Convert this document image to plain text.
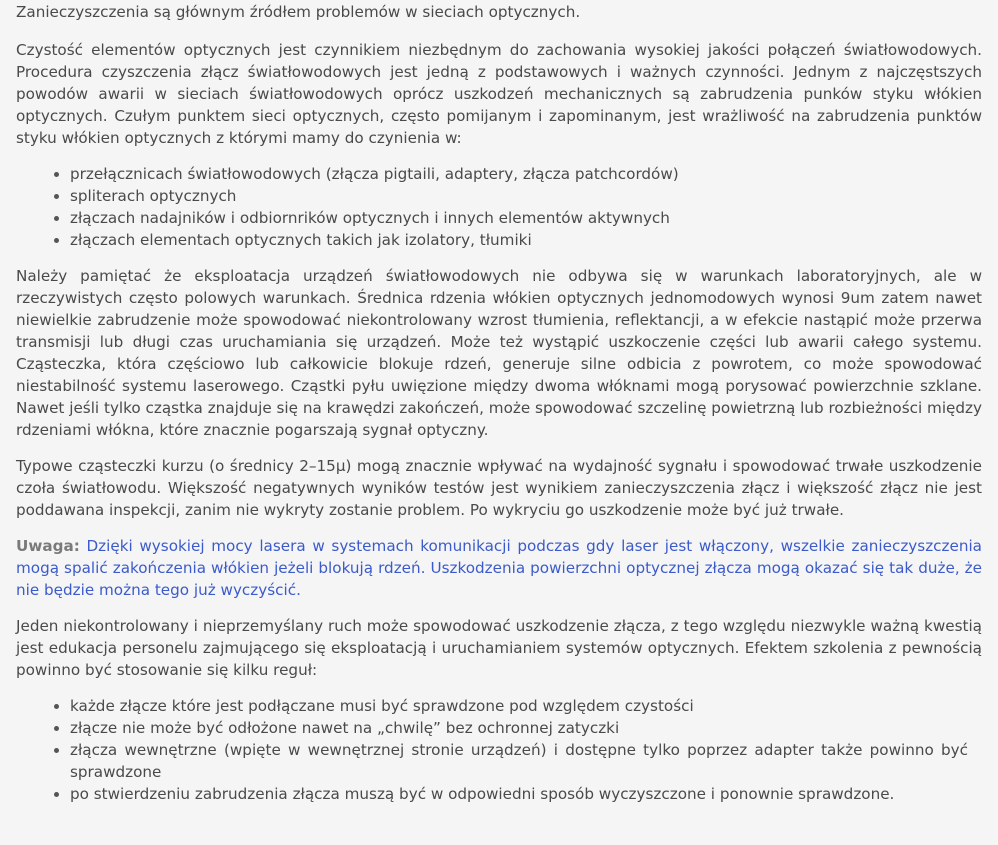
Zanieczyszczenia są głównym źródłem problemów w sieciach optycznych.

Czystość elementów optycznych jest czynnikiem niezbędnym do zachowania wysokiej jakości połączeń światłowodowych. Procedura czyszczenia złącz światłowodowych jest jedną z podstawowych i ważnych czynności. Jednym z najczęstszych powodów awarii w sieciach światłowodowych oprócz uszkodzeń mechanicznych są zabrudzenia punków styku włókien optycznych. Czułym punktem sieci optycznych, często pomijanym i zapominanym, jest wrażliwość na zabrudzenia punktów styku włókien optycznych z którymi mamy do czynienia w:

• przełącznicach światłowodowych (złącza pigtaili, adaptery, złącza patchcordów)
• spliterach optycznych
• złączach nadajników i odbiornrików optycznych i innych elementów aktywnych
• złączach elementach optycznych takich jak izolatory, tłumiki

Należy pamiętać że eksploatacja urządzeń światłowodowych nie odbywa się w warunkach laboratoryjnych, ale w rzeczywistych często polowych warunkach. Średnica rdzenia włókien optycznych jednomodowych wynosi 9um zatem nawet niewielkie zabrudzenie może spowodować niekontrolowany wzrost tłumienia, reflektancji, a w efekcie nastąpić może przerwa transmisji lub długi czas uruchamiania się urządzeń. Może też wystąpić uszkoczenie części lub awarii całego systemu. Cząsteczka, która częściowo lub całkowicie blokuje rdzeń, generuje silne odbicia z powrotem, co może spowodować niestabilność systemu laserowego. Cząstki pyłu uwięzione między dwoma włóknami mogą porysować powierzchnie szklane. Nawet jeśli tylko cząstka znajduje się na krawędzi zakończeń, może spowodować szczelinę powietrzną lub rozbieżności między rdzeniami włókna, które znacznie pogarszają sygnał optyczny.

Typowe cząsteczki kurzu (o średnicy 2–15µ) mogą znacznie wpływać na wydajność sygnału i spowodować trwałe uszkodzenie czoła światłowodu. Większość negatywnych wyników testów jest wynikiem zanieczyszczenia złącz i większość złącz nie jest poddawana inspekcji, zanim nie wykryty zostanie problem. Po wykryciu go uszkodzenie może być już trwałe.

Uwaga: Dzięki wysokiej mocy lasera w systemach komunikacji podczas gdy laser jest włączony, wszelkie zanieczyszczenia mogą spalić zakończenia włókien jeżeli blokują rdzeń. Uszkodzenia powierzchni optycznej złącza mogą okazać się tak duże, że nie będzie można tego już wyczyścić.

Jeden niekontrolowany i nieprzemyślany ruch może spowodować uszkodzenie złącza, z tego względu niezwykle ważną kwestią jest edukacja personelu zajmującego się eksploatacją i uruchamianiem systemów optycznych. Efektem szkolenia z pewnością powinno być stosowanie się kilku reguł:

• każde złącze które jest podłączane musi być sprawdzone pod względem czystości
• złącze nie może być odłożone nawet na „chwilę” bez ochronnej zatyczki
• złącza wewnętrzne (wpięte w wewnętrznej stronie urządzeń) i dostępne tylko poprzez adapter także powinno być sprawdzone
• po stwierdzeniu zabrudzenia złącza muszą być w odpowiedni sposób wyczyszczone i ponownie sprawdzone.
